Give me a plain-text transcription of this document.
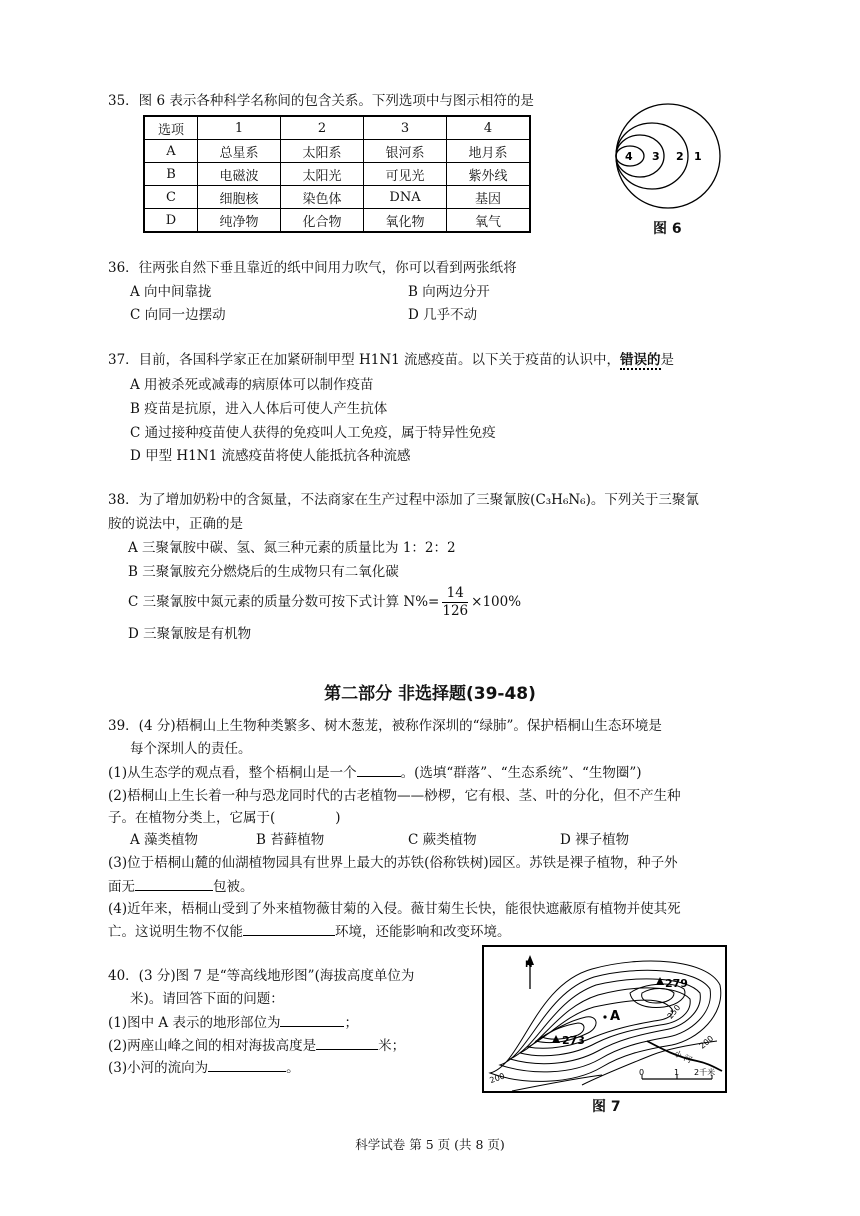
35．图 6 表示各种科学名称间的包含关系。下列选项中与图示相符的是
选项	1	2	3	4
A	总星系	太阳系	银河系	地月系
B	电磁波	太阳光	可见光	紫外线
C	细胞核	染色体	DNA	基因
D	纯净物	化合物	氧化物	氧气
4 3 2 1
图 6
36．往两张自然下垂且靠近的纸中间用力吹气，你可以看到两张纸将
A 向中间靠拢	B 向两边分开
C 向同一边摆动	D 几乎不动
37．目前，各国科学家正在加紧研制甲型 H1N1 流感疫苗。以下关于疫苗的认识中，错误的是
A 用被杀死或减毒的病原体可以制作疫苗
B 疫苗是抗原，进入人体后可使人产生抗体
C 通过接种疫苗使人获得的免疫叫人工免疫，属于特异性免疫
D 甲型 H1N1 流感疫苗将使人能抵抗各种流感
38．为了增加奶粉中的含氮量，不法商家在生产过程中添加了三聚氰胺(C₃H₆N₆)。下列关于三聚氰
胺的说法中，正确的是
A 三聚氰胺中碳、氢、氮三种元素的质量比为 1：2：2
B 三聚氰胺充分燃烧后的生成物只有二氧化碳
C 三聚氰胺中氮元素的质量分数可按下式计算 $N\%= \frac{14}{126} \times 100\%$
D 三聚氰胺是有机物
第二部分 非选择题(39-48)
39．(4 分)梧桐山上生物种类繁多、树木葱茏，被称作深圳的“绿肺”。保护梧桐山生态环境是
每个深圳人的责任。
(1)从生态学的观点看，整个梧桐山是一个	。(选填“群落”、“生态系统”、“生物圈”)
(2)梧桐山上生长着一种与恐龙同时代的古老植物——桫椤，它有根、茎、叶的分化，但不产生种
子。在植物分类上，它属于(	)
A 藻类植物	B 苔藓植物	C 蕨类植物	D 裸子植物
(3)位于梧桐山麓的仙湖植物园具有世界上最大的苏铁(俗称铁树)园区。苏铁是裸子植物，种子外
面无	包被。
(4)近年来，梧桐山受到了外来植物薇甘菊的入侵。薇甘菊生长快，能很快遮蔽原有植物并使其死
亡。这说明生物不仅能	环境，还能影响和改变环境。
40．(3 分)图 7 是“等高线地形图”(海拔高度单位为
米)。请回答下面的问题：
(1)图中 A 表示的地形部位为	；
(2)两座山峰之间的相对海拔高度是	米；
(3)小河的流向为	。
N
279
273
A	250
200
200
小 河
0	1 2千米
图 7
科学试卷 第 5 页 (共 8 页)
